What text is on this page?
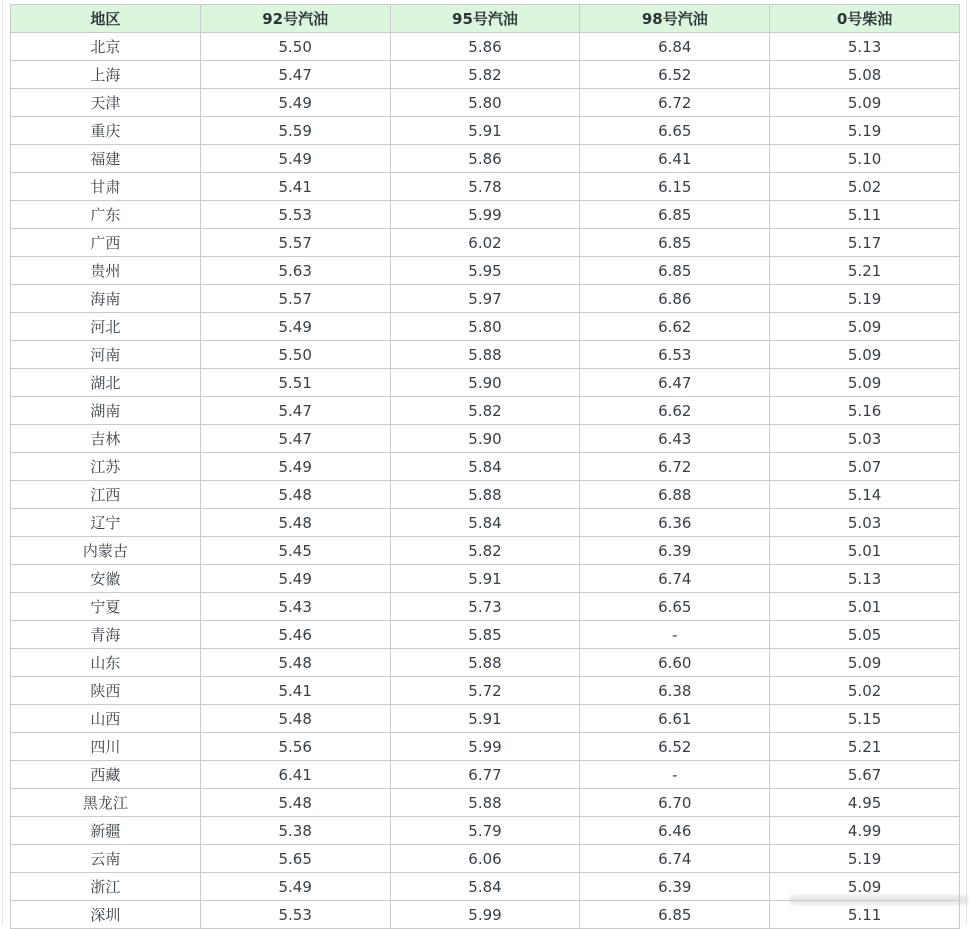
地区	92号汽油	95号汽油	98号汽油	0号柴油
北京	5.50	5.86	6.84	5.13
上海	5.47	5.82	6.52	5.08
天津	5.49	5.80	6.72	5.09
重庆	5.59	5.91	6.65	5.19
福建	5.49	5.86	6.41	5.10
甘肃	5.41	5.78	6.15	5.02
广东	5.53	5.99	6.85	5.11
广西	5.57	6.02	6.85	5.17
贵州	5.63	5.95	6.85	5.21
海南	5.57	5.97	6.86	5.19
河北	5.49	5.80	6.62	5.09
河南	5.50	5.88	6.53	5.09
湖北	5.51	5.90	6.47	5.09
湖南	5.47	5.82	6.62	5.16
吉林	5.47	5.90	6.43	5.03
江苏	5.49	5.84	6.72	5.07
江西	5.48	5.88	6.88	5.14
辽宁	5.48	5.84	6.36	5.03
内蒙古	5.45	5.82	6.39	5.01
安徽	5.49	5.91	6.74	5.13
宁夏	5.43	5.73	6.65	5.01
青海	5.46	5.85	-	5.05
山东	5.48	5.88	6.60	5.09
陕西	5.41	5.72	6.38	5.02
山西	5.48	5.91	6.61	5.15
四川	5.56	5.99	6.52	5.21
西藏	6.41	6.77	-	5.67
黑龙江	5.48	5.88	6.70	4.95
新疆	5.38	5.79	6.46	4.99
云南	5.65	6.06	6.74	5.19
浙江	5.49	5.84	6.39	5.09
深圳	5.53	5.99	6.85	5.11
